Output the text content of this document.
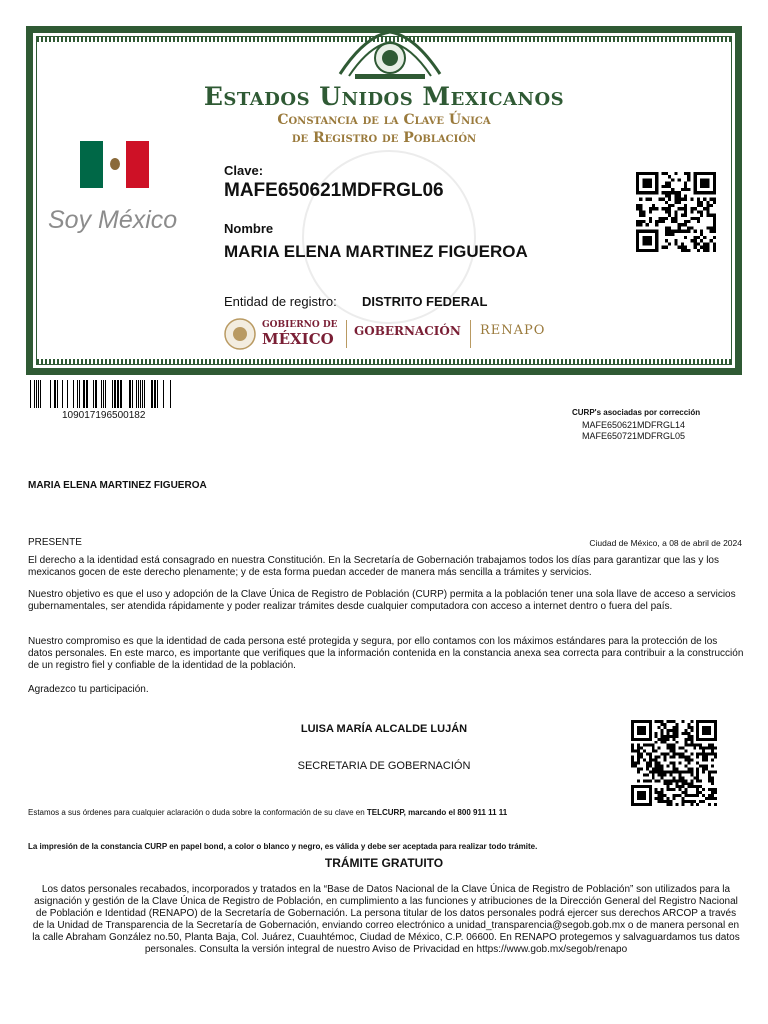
Estados Unidos Mexicanos
Constancia de la Clave Única
de Registro de Población
Soy México
Clave:
MAFE650621MDFRGL06
Nombre
MARIA ELENA MARTINEZ FIGUEROA
Entidad de registro: DISTRITO FEDERAL
GOBIERNO DE
MÉXICO GOBERNACIÓN RENAPO
109017196500182	CURP's asociadas por corrección
MAFE650621MDFRGL14
MAFE650721MDFRGL05
MARIA ELENA MARTINEZ FIGUEROA
PRESENTE	Ciudad de México, a 08 de abril de 2024
El derecho a la identidad está consagrado en nuestra Constitución. En la Secretaría de Gobernación trabajamos todos los días para garantizar que las y los mexicanos gocen de este derecho plenamente; y de esta forma puedan acceder de manera más sencilla a trámites y servicios.
Nuestro objetivo es que el uso y adopción de la Clave Única de Registro de Población (CURP) permita a la población tener una sola llave de acceso a servicios gubernamentales, ser atendida rápidamente y poder realizar trámites desde cualquier computadora con acceso a internet dentro o fuera del país.
Nuestro compromiso es que la identidad de cada persona esté protegida y segura, por ello contamos con los máximos estándares para la protección de los datos personales. En este marco, es importante que verifiques que la información contenida en la constancia anexa sea correcta para contribuir a la construcción de un registro fiel y confiable de la identidad de la población.
Agradezco tu participación.
LUISA MARÍA ALCALDE LUJÁN
SECRETARIA DE GOBERNACIÓN
Estamos a sus órdenes para cualquier aclaración o duda sobre la conformación de su clave en TELCURP, marcando el 800 911 11 11
La impresión de la constancia CURP en papel bond, a color o blanco y negro, es válida y debe ser aceptada para realizar todo trámite.
TRÁMITE GRATUITO
Los datos personales recabados, incorporados y tratados en la “Base de Datos Nacional de la Clave Única de Registro de Población” son utilizados para la asignación y gestión de la Clave Única de Registro de Población, en cumplimiento a las funciones y atribuciones de la Dirección General del Registro Nacional de Población e Identidad (RENAPO) de la Secretaría de Gobernación. La persona titular de los datos personales podrá ejercer sus derechos ARCOP a través de la Unidad de Transparencia de la Secretaría de Gobernación, enviando correo electrónico a unidad_transparencia@segob.gob.mx o de manera personal en la calle Abraham González no.50, Planta Baja, Col. Juárez, Cuauhtémoc, Ciudad de México, C.P. 06600. En RENAPO protegemos y salvaguardamos tus datos personales. Consulta la versión integral de nuestro Aviso de Privacidad en https://www.gob.mx/segob/renapo
